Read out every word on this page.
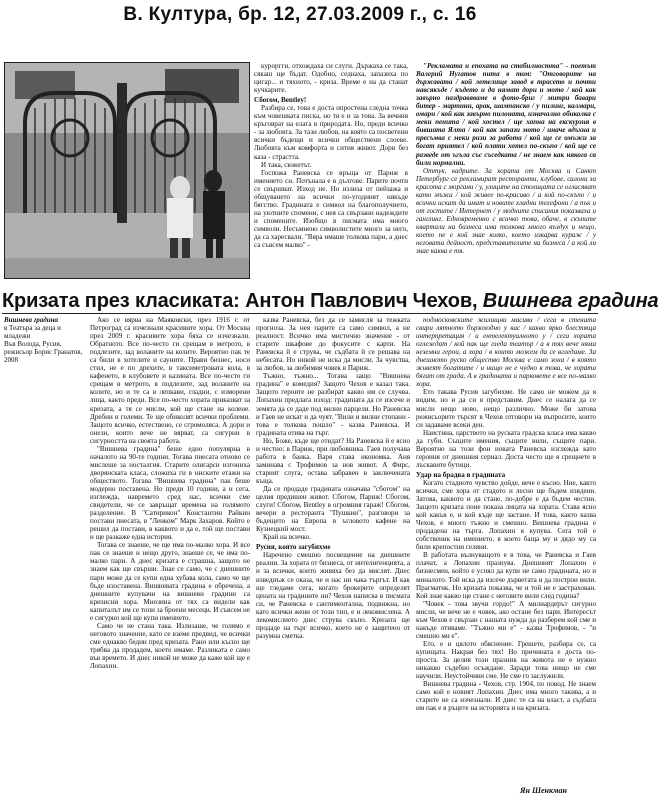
В. Култура, бр. 12, 27.03.2009 г., с. 16

куроргги, отхождаха си слуги. Държаха се така, сякаш ще бъдат. Одобно, седнаха, запазиха по цигар... и тяхното, - криза. Време е на да станат кучкарите.

Сбогом, Bentley!

Разбира се, това е доста опростена следна точка към човешката писка, но тя е и за това. За вечния кръговрат на елата в природата. Но, преди всичко - за любовта. За тази любов, на която са посветени всички бъдещи и всички обществени слоеве. Любовта към комфорта и сития живот. Дори без каза - страстта.

И така, сюжетът.

Госпожа Раневска се връща от Париж в имението си. Потъналa е в дългове. Парите почти се свършват. Изход не. Но излиза от пейзажа и общуването на всички по-угодният някъде бягство. Градината е символ на благополучието, на уютните спомени, с нея са свързани надеждите и спомените. Изобщо в писмата има много символи. Несъмнено символистите много за него, да са харесвали. "Вяра имаше толкова пари, а днес са съвсем малко" -

"Рекламата и епохата на стабилността" - поетът Валерий Нугатов пита в том: "Отговорите на държавата / кой летелище завод в трасето и почти навсякъде / където и да нямат дори и мото / кой как завърно паздравяваме в фото-бриг / митри бавари битер - мартини, арак, шампанско / у пилинг, калмари, омари / кой как завърно пилоната, изначално обиколка с меки пенита / кой хостел / ще хапна на екскурзия в бившата Ялта / кой как запази мото / иначе вдъхна и пресъмва с меки ризи за работа / кой ще се омъжи за богат приятел / кой плати хотел по-скъпо / кой ще се разведе от ъгъла със съседката / не знаем как някога са били нормални.

Оттук, кадрите. За хората от Москва и Санкт Петербург се рекламират ресторанти, клубове, салони за красота с моргани / у, улиците на столицата се огласяват като мъжа / кой живее по-красиво / а кой по-скъпо / и всички искат да имат и новите хладни телефони / а пък и от гостите / Интернет / у модните списания показваха и ганглинг. Едновременно с всичко това, обаче, в скъпите квартали на бизнеса има толкова много въздух и нещо, което не е кой знае колко, което изкарва кураж / у неговата дейност, представителите на бизнеса / а кой ли знае каква е тя.

Кризата през класиката: Антон Павлович Чехов, Вишнева градина
Вишнева градина
в Театъра за деца и младежи
Във Волода, Русия,
режисьор Борис Гранатов,
2008

Ако се вярва на Маяковски, през 1916 г. от Петроград са изчезнали красивите хора. От Москва през 2009 г. красивите хора бяха се изчезнали. Обратното. Все по-често ги срещам в метрото, в подлезите, зад воланите на колите. Вероятно пак те са били в хотелите и сауните. Прави бизнес, носи стил, не е по дрехите, в таксиметровата кола, в кафенето, в клубовете и казината. Все по-често ги срещам в метрото, в подлезите, зад воланите на колите, но и те са в лепкави, гладни, с изморени лица, както преди. Все по-често хората приказват за кризата, а тя се мисли, кой ще стане на колене. Дребни и големи. Те ще обиколят всички проблеми. Защото всичко, естествено, се сгромоляса. А дори и онези, които вече не вярват, са сигурни в сигурността на своята работа.

"Вишнева градина" беше едно популярна в началото на 90-те години. Тогава пиесата отново се мислеше за носталгия. Старите олигарси изгониха дворянската класа, сложиха ги в ниските етажи на обществото. Тогава "Вишнева градина" пак беше модерно поставена. Но преди 10 години, а и сега, изглежда, навремето сред нас, всички сме свидетели, че се завръщат времена на голямото разделение. В "Сатирикон" Константин Райкин постави пиесата, в "Ленком" Марк Захаров. Който е решил да постави, в каквото и да е, той ще постави и ще разкаже една история.

Тогава се знаеше, че ще има по-малко хора. И все пак се знаеше и нещо друго, знаеше се, че има по-малко пари. А днес кризата е страшна, защото не знаем как ще свърши. Знае се само, че с днешните пари може да се купи една хубава кола, само че ще бъде изоставена. Вишневата градина е обречена, а днешните купувачи на вишневи градини са кризисни хора. Мнозина от тях са видели как капиталът им се топи за броени месеци. И съвсем не е сигурно кой ще купи имението.

Само че не стана така. Излизаше, че голямо е неговото значение, като се вземе предвид, че всички сме еднакво бедни пред кризата. Рано или късно ще трябва да продадем, което имаме. Разликата е само във времето. И днес никой не може да каже кой ще е Лопахин.

казва Раневска, без да се замисля за тежката прогноза. За нея парите са само символ, а не реалност. Всичко има мистично значение - от старите шкафове до фокусите с карти. На Раневска й е струва, че съдбата й се решава на небесата. Но никой не иска да мисли. За чувства, за любов, за любимия човек в Париж.

Тъжно, тъжно... Тогава защо "Вишнева градина" е комедия? Защото Чехов е казал така. Защото героите не разбират какво им се случва. Лопахин предлага изход: градината да се изсече и земята да се даде под вилни парцели. Но Раневска и Гаев не искат и да чуят. "Вили и вилни стопани - това е толкова пошло" - казва Раневска. И градината отива на търг.

Но, Боже, къде ще отидат? На Раневска й е ясно и честно: в Париж, при любовника. Гаев получава работа в банка. Варя става икономка. Аня заминава с Трофимов за нов живот. А Фирс, старият слуга, остава забравен в заключената къща.

Да се продаде градината означава "сбогом" на целия предишен живот. Сбогом, Париж! Сбогом, слуги! Сбогом, Bentley в огромния гараж! Сбогом, вечери в ресторанта "Пушкин", разговори за бъдещето на Европа в ъгловото кафене на Кузнецкий мост.

Край на всичко.

Русия, която загубихме

Наречено смешно посвещение на днешните реалии. За хората от бизнеса, от интелигенцията, а и за всички, които живяха без да мислят. Днес изведнъж се оказа, че и нас ни чака търгът. И как ще гледаме сега, когато брокерите определят цената на градините ни? Чехов написва в писмата си, че Раневска е сантиментална, подвижна, но като всички жени от този тип, е и лекомислена. А лекомислието днес струва скъпо. Кризата ще продаде на търг всичко, което не е защитено от разумна сметка.

подмосковските жилищни масиви / сега в стената свири лятното бързоходно у вас / какво ярко блестяща интерпретация / и ентелектуалното у / сега хората оглеждат / кой пак ще гледа театър / а в тях вече няма неземни герои, а хора / в които можем да се вгледаме. За днешното руско общество Москва е само зона / в която живеят богатите / и нищо не е чудно в това, че хората бягат от града. А в градината и парковете е все по-малко хора.

Ето такава Русия загубихме. Не само не можем да я видим, но и да си я представим. Днес се налага да се мисли нещо ново, нещо различно. Може би затова режисьорите търсят в Чехов отговори на въпросите, които си задаваме всеки ден.

Наистина, царството на руската градска класа има какво да губи. Същите имения, същите вили, същите пари. Вероятно на този фон новата Раневска изглежда като героиня от днешния сериал. Доста често ще я срещнете в лъскавите бутици.

Удар на брадва в градината

Когато стадното чувство дойде, вече е късно. Ние, както всички, сме хора от стадото и лесно ще бъдем изядени. Затова, каквото и да стане, по-добре е да бъдем честни. Защото кризата поне показа лицата на хората. Става ясно кой какъв е, и кой къде ще застане. И това, както казва Чехов, е много тъжно и смешно. Вишнева градина е продадена на търга. Лопахин я купува. Сега той е собственик на имението, в което баща му и дядо му са били крепостни селяни.

В работата вълнуващото е в това, че Раневска и Гаев плачат, а Лопахин празнува. Днешният Лопахин е бизнесмен, който е успял да купи не само градината, но и миналото. Той иска да изсече дърветата и да построи вили. Прагматик. Но кризата показва, че и той не е застрахован. Кой знае какво ще стане с неговите вили след година?

"Човек - това звучи гордо!" А милиардерът сигурно мисли, че вече не е човек, ако остане без пари. Интересът към Чехов е свързан с нашата нужда да разберем кой сме и накъде отиваме. "Тъжно ми е" - казва Трофимов, - "и смешно ми е".

Ето, е и цялото обяснение. Грешете, разбира се, са купищата. Накрая без тях! Но причината е доста по-проста. За целия този празник на живота не е нужно никакво съдебно осъждане. Заради това нищо не сме научили. Неустойчиви сме. Не сме го заслужили.

Вишнева градина - Чехов, стр. 1904, по повод. Не знаем само кой е новият Лопахин. Днес има много такива, а и старите не са изчезнали. И днес те са на власт, а съдбата им пак е в ръцете на историята и на кризата.

Ян Шенкман
